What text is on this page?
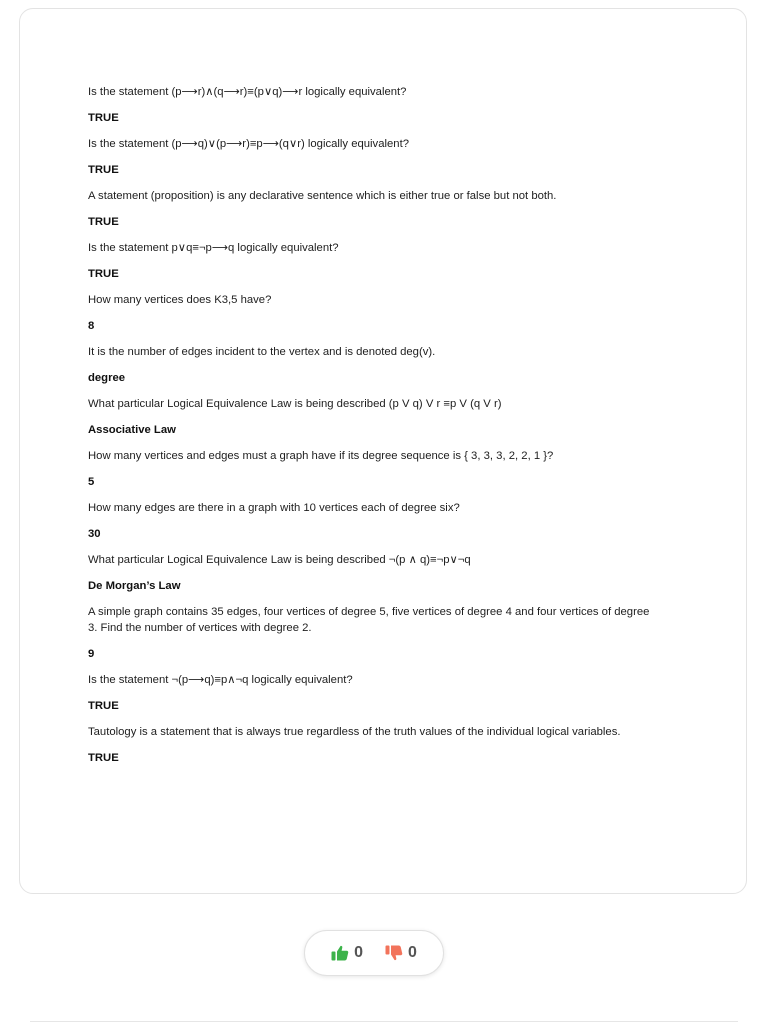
Is the statement (p⟶r)∧(q⟶r)≡(p∨q)⟶r logically equivalent?

TRUE

Is the statement (p⟶q)∨(p⟶r)≡p⟶(q∨r) logically equivalent?

TRUE

A statement (proposition) is any declarative sentence which is either true or false but not both.

TRUE

Is the statement p∨q≡¬p⟶q logically equivalent?

TRUE

How many vertices does K3,5 have?

8

It is the number of edges incident to the vertex and is denoted deg(v).

degree

What particular Logical Equivalence Law is being described (p V q) V r ≡p V (q V r)

Associative Law

How many vertices and edges must a graph have if its degree sequence is { 3, 3, 3, 2, 2, 1 }?

5

How many edges are there in a graph with 10 vertices each of degree six?

30

What particular Logical Equivalence Law is being described ¬(p ∧ q)≡¬p∨¬q

De Morgan’s Law

A simple graph contains 35 edges, four vertices of degree 5, five vertices of degree 4 and four vertices of degree 3. Find the number of vertices with degree 2.

9

Is the statement ¬(p⟶q)≡p∧¬q logically equivalent?

TRUE

Tautology is a statement that is always true regardless of the truth values of the individual logical variables.

TRUE

0	0
